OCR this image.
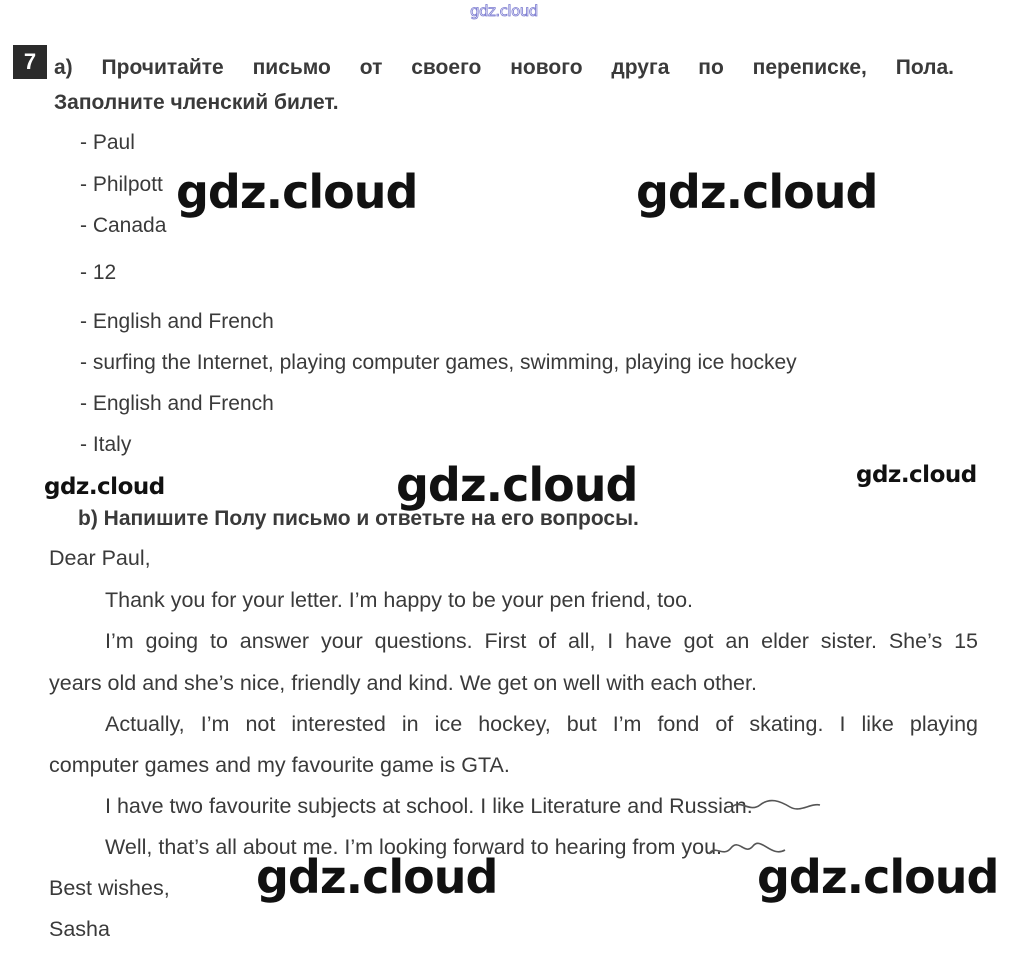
gdz.cloud
7 a) Прочитайте письмо от своего нового друга по переписке, Пола.
Заполните членский билет.
- Paul
- Philpott
- Canada
- 12
- English and French
- surfing the Internet, playing computer games, swimming, playing ice hockey
- English and French
- Italy
b) Напишите Полу письмо и ответьте на его вопросы.
Dear Paul,
Thank you for your letter. I’m happy to be your pen friend, too.
I’m going to answer your questions. First of all, I have got an elder sister. She’s 15
years old and she’s nice, friendly and kind. We get on well with each other.
Actually, I’m not interested in ice hockey, but I’m fond of skating. I like playing
computer games and my favourite game is GTA.
I have two favourite subjects at school. I like Literature and Russian.
Well, that’s all about me. I’m looking forward to hearing from you.
Best wishes,
Sasha
gdz.cloud	gdz.cloud
gdz.cloud
gdz.cloud	gdz.cloud
gdz.cloud	gdz.cloud
